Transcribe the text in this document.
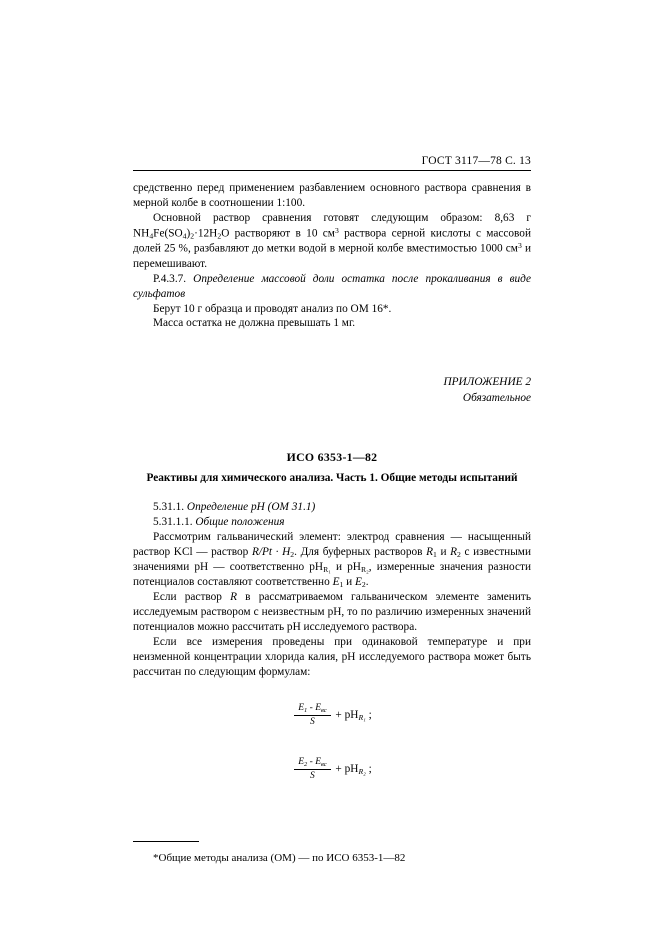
ГОСТ 3117—78 С. 13

средственно перед применением разбавлением основного раствора сравнения в мерной колбе в соотношении 1:100.

Основной раствор сравнения готовят следующим образом: 8,63 г $NH_4Fe(SO_4)_2\cdot 12H_2O$ растворяют в 10 $см^3$ раствора серной кислоты с массовой долей 25 %, разбавляют до метки водой в мерной колбе вместимостью 1000 $см^3$ и перемешивают.

Р.4.3.7. Определение массовой доли остатка после прокаливания в виде сульфатов

Берут 10 г образца и проводят анализ по ОМ 16*.

Масса остатка не должна превышать 1 мг.

ПРИЛОЖЕНИЕ 2
Обязательное
ИСО 6353-1—82
Реактивы для химического анализа. Часть 1. Общие методы испытаний

5.31.1. Определение pH (ОМ 31.1)

5.31.1.1. Общие положения

Рассмотрим гальванический элемент: электрод сравнения — насыщенный раствор KCl — раствор $R/Pt \cdot H_2$. Для буферных растворов $R_1$ и $R_2$ с известными значениями pH — соответственно $pH_{R_1}$ и $pH_{R_2}$, измеренные значения разности потенциалов составляют соответственно $E_1$ и $E_2$.

Если раствор R в рассматриваемом гальваническом элементе заменить исследуемым раствором с неизвестным pH, то по различию измеренных значений потенциалов можно рассчитать pH исследуемого раствора.

Если все измерения проведены при одинаковой температуре и при неизменной концентрации хлорида калия, pH исследуемого раствора может быть рассчитан по следующим формулам:

$\frac{E_1 - E_{вс}}{S} + pH_{R_1}$ ;
$\frac{E_2 - E_{вс}}{S} + pH_{R_2}$ ;
*Общие методы анализа (ОМ) — по ИСО 6353-1—82
